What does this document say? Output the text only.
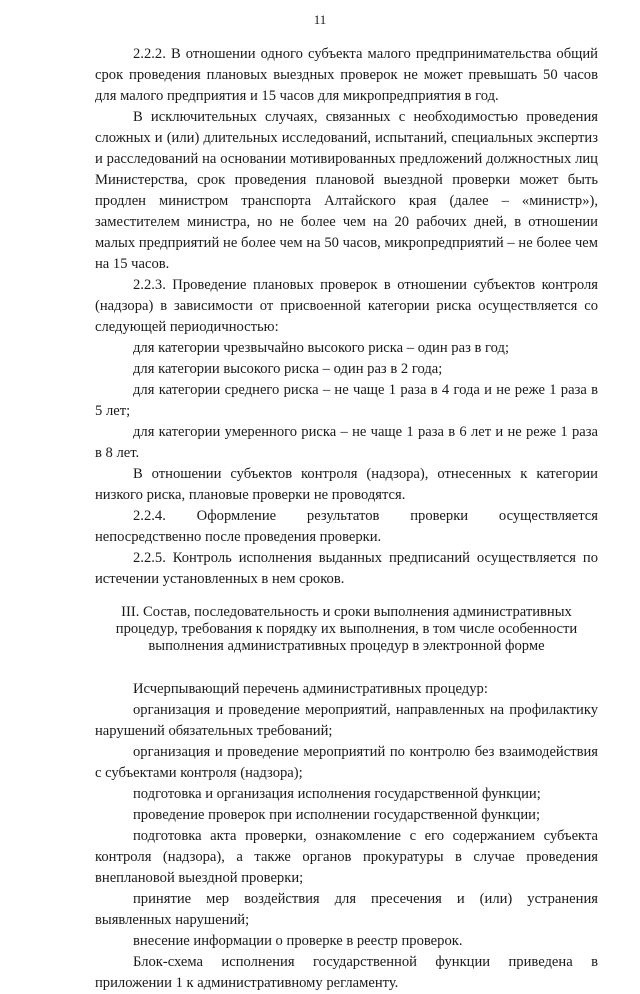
11

2.2.2. В отношении одного субъекта малого предпринимательства общий срок проведения плановых выездных проверок не может превышать 50 часов для малого предприятия и 15 часов для микропредприятия в год.

В исключительных случаях, связанных с необходимостью проведения сложных и (или) длительных исследований, испытаний, специальных экспертиз и расследований на основании мотивированных предложений должностных лиц Министерства, срок проведения плановой выездной проверки может быть продлен министром транспорта Алтайского края (далее – «министр»), заместителем министра, но не более чем на 20 рабочих дней, в отношении малых предприятий не более чем на 50 часов, микропредприятий – не более чем на 15 часов.

2.2.3. Проведение плановых проверок в отношении субъектов контроля (надзора) в зависимости от присвоенной категории риска осуществляется со следующей периодичностью:

для категории чрезвычайно высокого риска – один раз в год;

для категории высокого риска – один раз в 2 года;

для категории среднего риска – не чаще 1 раза в 4 года и не реже 1 раза в 5 лет;

для категории умеренного риска – не чаще 1 раза в 6 лет и не реже 1 раза в 8 лет.

В отношении субъектов контроля (надзора), отнесенных к категории низкого риска, плановые проверки не проводятся.

2.2.4. Оформление результатов проверки осуществляется непосредственно после проведения проверки.

2.2.5. Контроль исполнения выданных предписаний осуществляется по истечении установленных в нем сроков.

III. Состав, последовательность и сроки выполнения административных
процедур, требования к порядку их выполнения, в том числе особенности
выполнения административных процедур в электронной форме

Исчерпывающий перечень административных процедур:

организация и проведение мероприятий, направленных на профилактику нарушений обязательных требований;

организация и проведение мероприятий по контролю без взаимодействия с субъектами контроля (надзора);

подготовка и организация исполнения государственной функции;

проведение проверок при исполнении государственной функции;

подготовка акта проверки, ознакомление с его содержанием субъекта контроля (надзора), а также органов прокуратуры в случае проведения внеплановой выездной проверки;

принятие мер воздействия для пресечения и (или) устранения выявленных нарушений;

внесение информации о проверке в реестр проверок.

Блок-схема исполнения государственной функции приведена в приложении 1 к административному регламенту.
